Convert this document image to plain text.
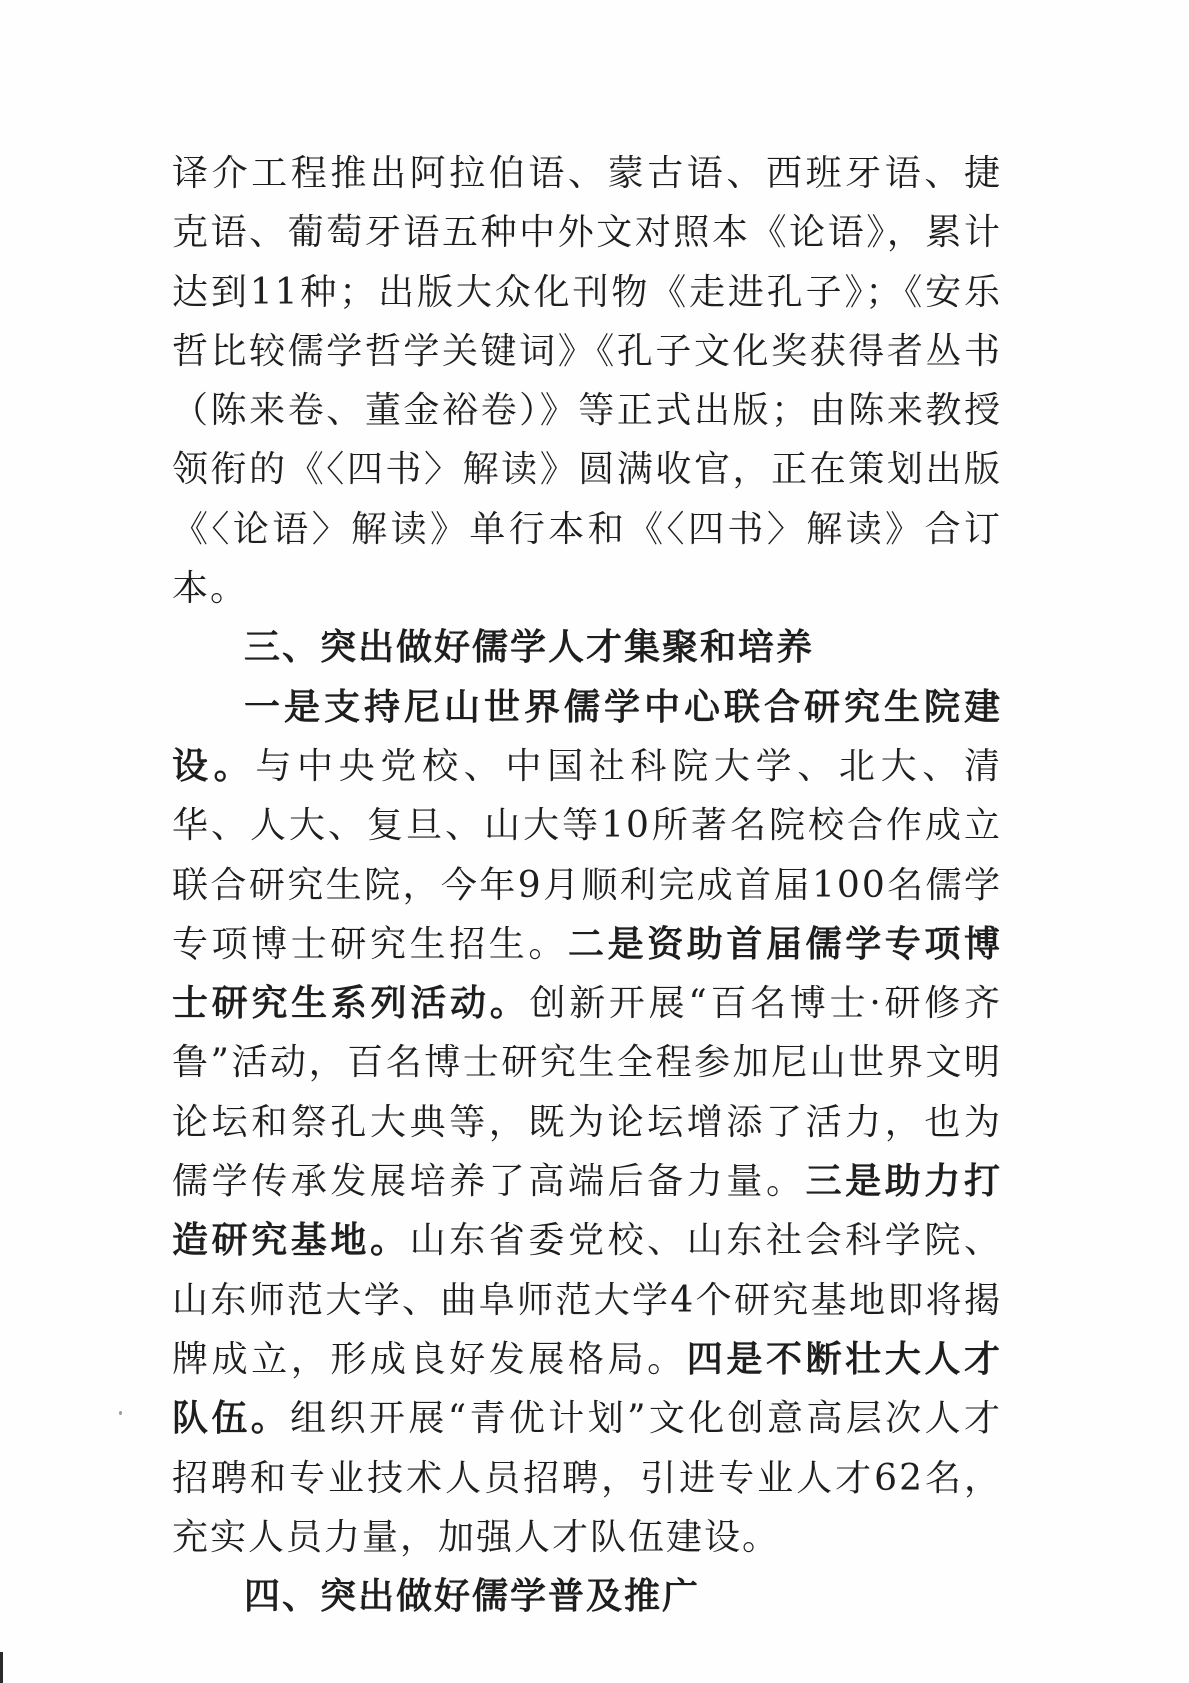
译介工程推出阿拉伯语、蒙古语、西班牙语、捷克语、葡萄牙语五种中外文对照本《论语》，累计达到11种；出版大众化刊物《走进孔子》；《安乐哲比较儒学哲学关键词》《孔子文化奖获得者丛书（陈来卷、董金裕卷）》等正式出版；由陈来教授领衔的《〈四书〉解读》圆满收官，正在策划出版《〈论语〉解读》单行本和《〈四书〉解读》合订本。

三、突出做好儒学人才集聚和培养

一是支持尼山世界儒学中心联合研究生院建设。与中央党校、中国社科院大学、北大、清华、人大、复旦、山大等10所著名院校合作成立联合研究生院，今年9月顺利完成首届100名儒学专项博士研究生招生。二是资助首届儒学专项博士研究生系列活动。创新开展“百名博士·研修齐鲁”活动，百名博士研究生全程参加尼山世界文明论坛和祭孔大典等，既为论坛增添了活力，也为儒学传承发展培养了高端后备力量。三是助力打造研究基地。山东省委党校、山东社会科学院、山东师范大学、曲阜师范大学4个研究基地即将揭牌成立，形成良好发展格局。四是不断壮大人才队伍。组织开展“青优计划”文化创意高层次人才招聘和专业技术人员招聘，引进专业人才62名，充实人员力量，加强人才队伍建设。

四、突出做好儒学普及推广
